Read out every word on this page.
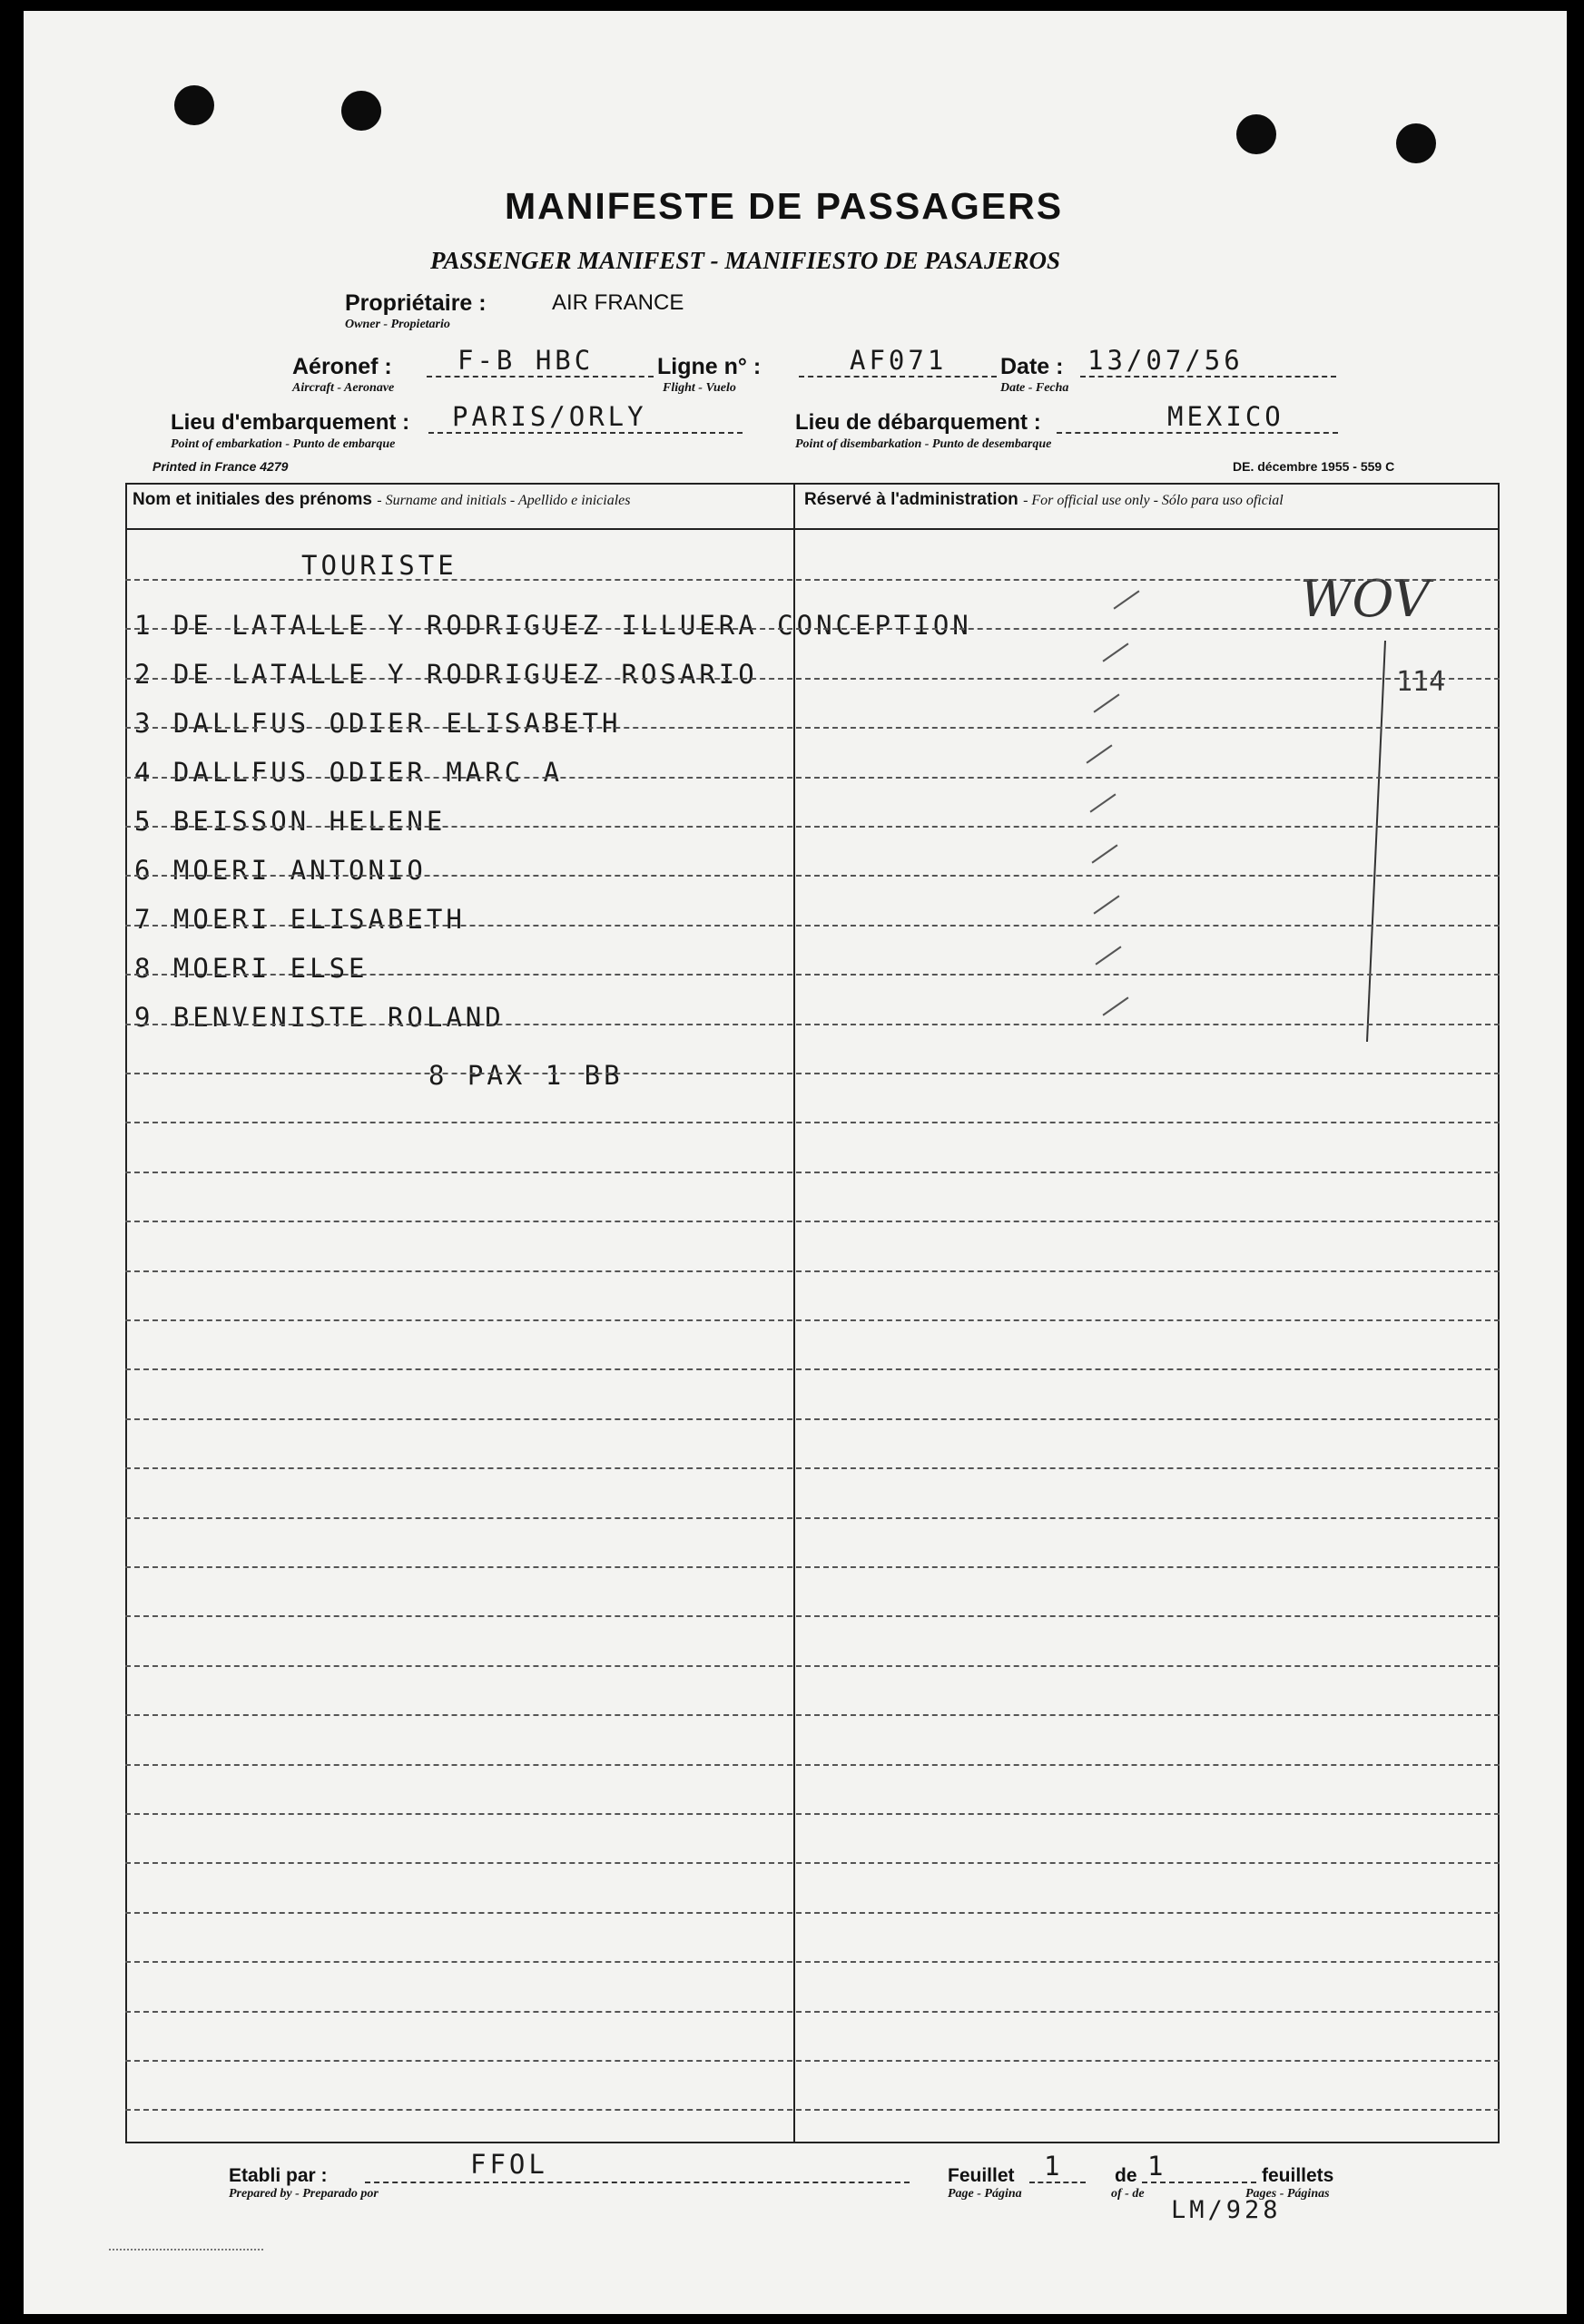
MANIFESTE DE PASSAGERS
PASSENGER MANIFEST - MANIFIESTO DE PASAJEROS
Propriétaire :	AIR FRANCE
Owner - Propietario
Aéronef : F-B HBC
Aircraft - Aeronave
Ligne n° :	AF071
Flight - Vuelo
Date : 13/07/56
Date - Fecha
Lieu d'embarquement : PARIS/ORLY
Point of embarkation - Punto de embarque
Lieu de débarquement :	MEXICO
Point of disembarkation - Punto de desembarque
Printed in France 4279	DE. décembre 1955 - 559 C
Nom et initiales des prénoms - Surname and initials - Apellido e iniciales	Réservé à l'administration - For official use only - Sólo para uso oficial
TOURISTE
1 DE LATALLE Y RODRIGUEZ ILLUERA CONCEPTION
2 DE LATALLE Y RODRIGUEZ ROSARIO
3 DALLFUS ODIER ELISABETH
4 DALLFUS ODIER MARC A
5 BEISSON HELENE
6 MOERI ANTONIO
7 MOERI ELISABETH
8 MOERI ELSE
9 BENVENISTE ROLAND
8 PAX 1 BB
WOV
114
Etabli par :
Prepared by - Preparado por
FFOL	Feuillet 1	de 1	feuillets
Page - Página	of - de	Pages - Páginas
LM/928
